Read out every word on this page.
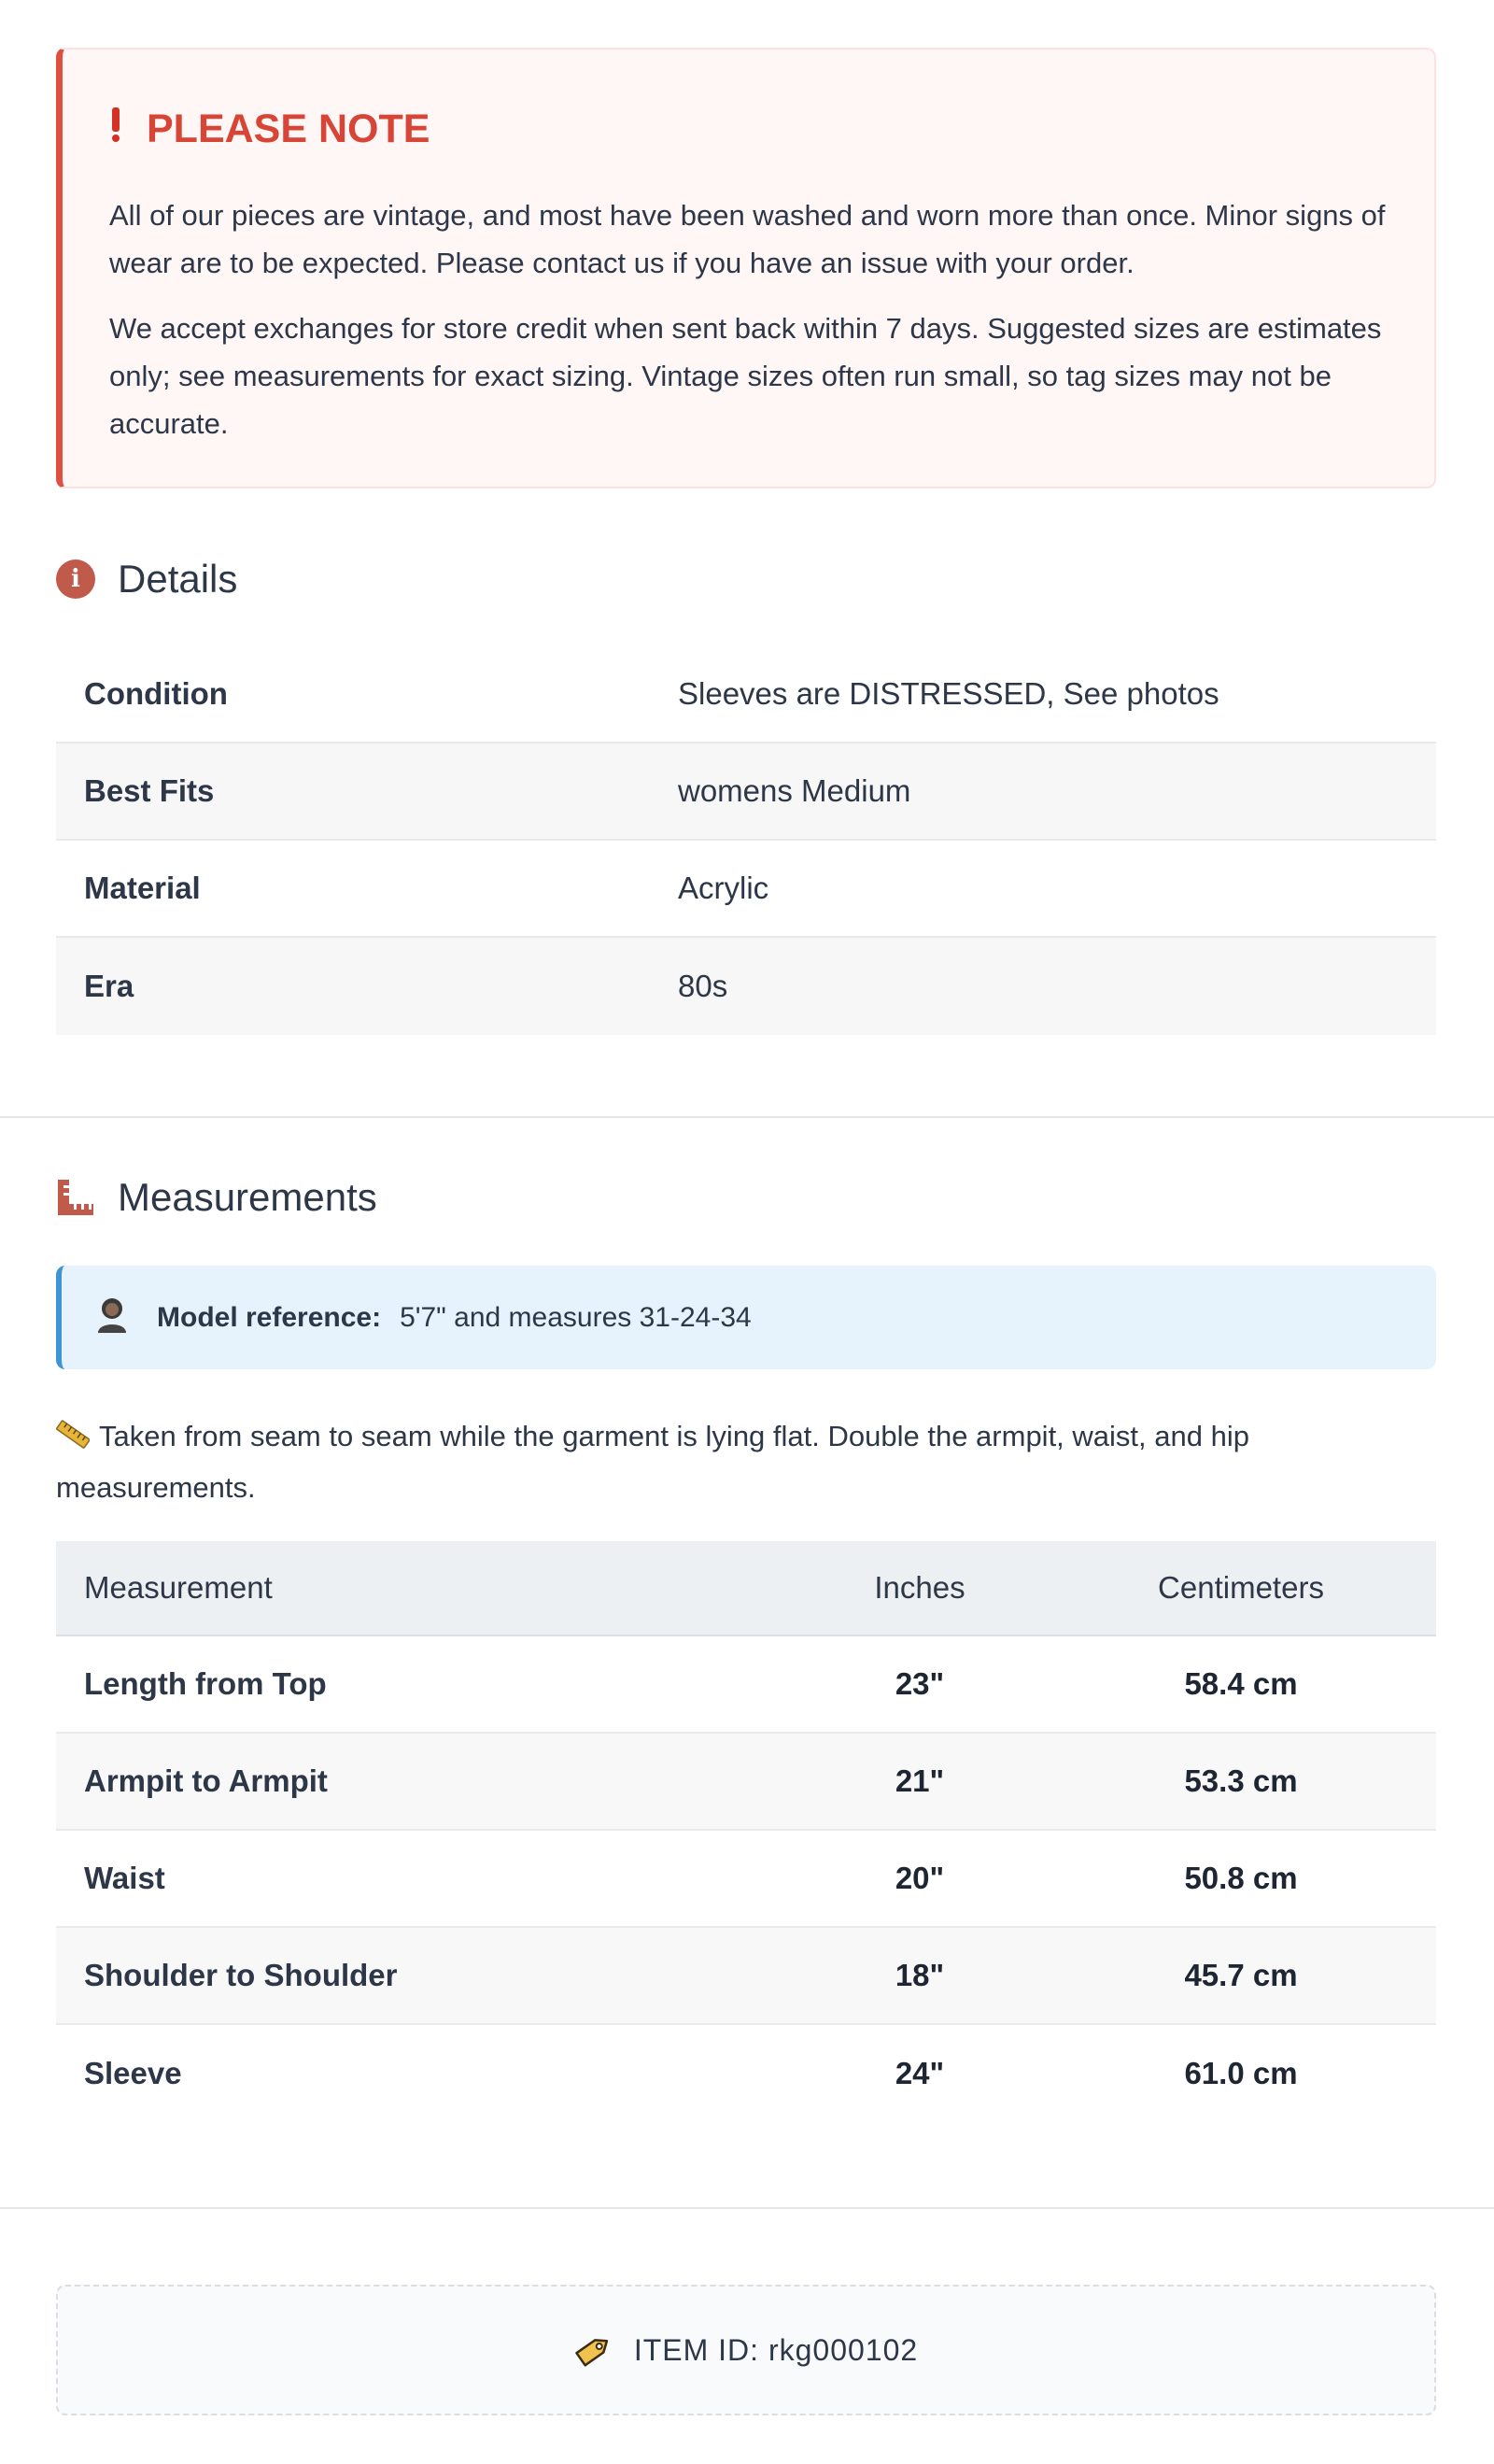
PLEASE NOTE

All of our pieces are vintage, and most have been washed and worn more than once. Minor signs of wear are to be expected. Please contact us if you have an issue with your order.

We accept exchanges for store credit when sent back within 7 days. Suggested sizes are estimates only; see measurements for exact sizing. Vintage sizes often run small, so tag sizes may not be accurate.

i Details
Condition	Sleeves are DISTRESSED, See photos
Best Fits	womens Medium
Material	Acrylic
Era	80s
Measurements
Model reference: 5'7" and measures 31-24-34
Taken from seam to seam while the garment is lying flat. Double the armpit, waist, and hip measurements.
Measurement	Inches	Centimeters
Length from Top	23"	58.4 cm
Armpit to Armpit	21"	53.3 cm
Waist	20"	50.8 cm
Shoulder to Shoulder	18"	45.7 cm
Sleeve	24"	61.0 cm
ITEM ID: rkg000102
